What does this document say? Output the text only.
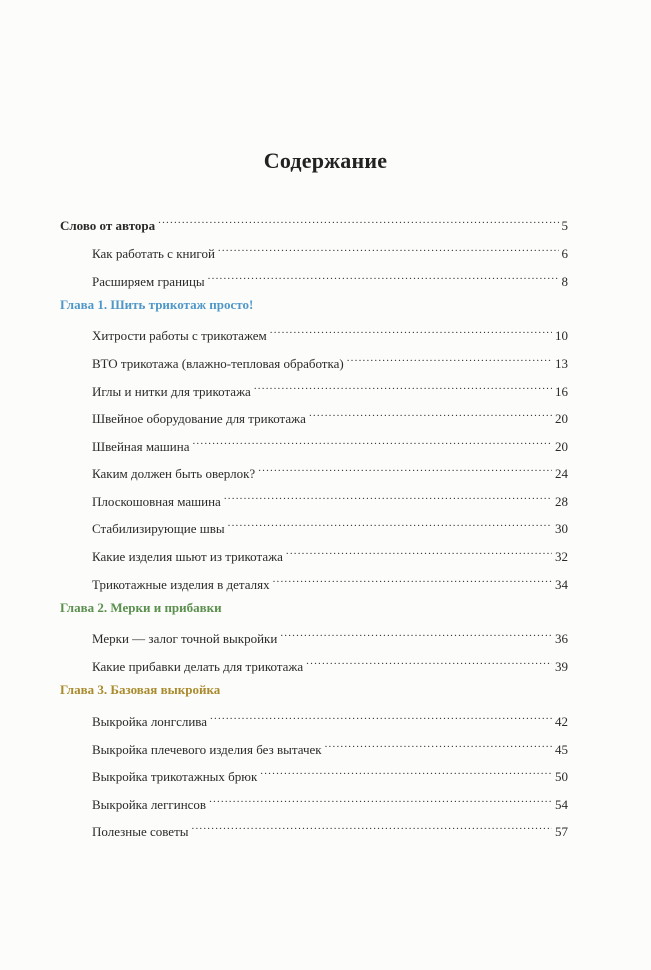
Содержание
Слово от автора .....	5
Как работать с книгой .....	6
Расширяем границы .....	8
Глава 1. Шить трикотаж просто!
Хитрости работы с трикотажем .....	10
ВТО трикотажа (влажно-тепловая обработка) .....	13
Иглы и нитки для трикотажа .....	16
Швейное оборудование для трикотажа .....	20
Швейная машина .....	20
Каким должен быть оверлок? .....	24
Плоскошовная машина .....	28
Стабилизирующие швы .....	30
Какие изделия шьют из трикотажа .....	32
Трикотажные изделия в деталях .....	34
Глава 2. Мерки и прибавки
Мерки — залог точной выкройки .....	36
Какие прибавки делать для трикотажа .....	39
Глава 3. Базовая выкройка
Выкройка лонгслива .....	42
Выкройка плечевого изделия без вытачек .....	45
Выкройка трикотажных брюк .....	50
Выкройка леггинсов .....	54
Полезные советы .....	57
